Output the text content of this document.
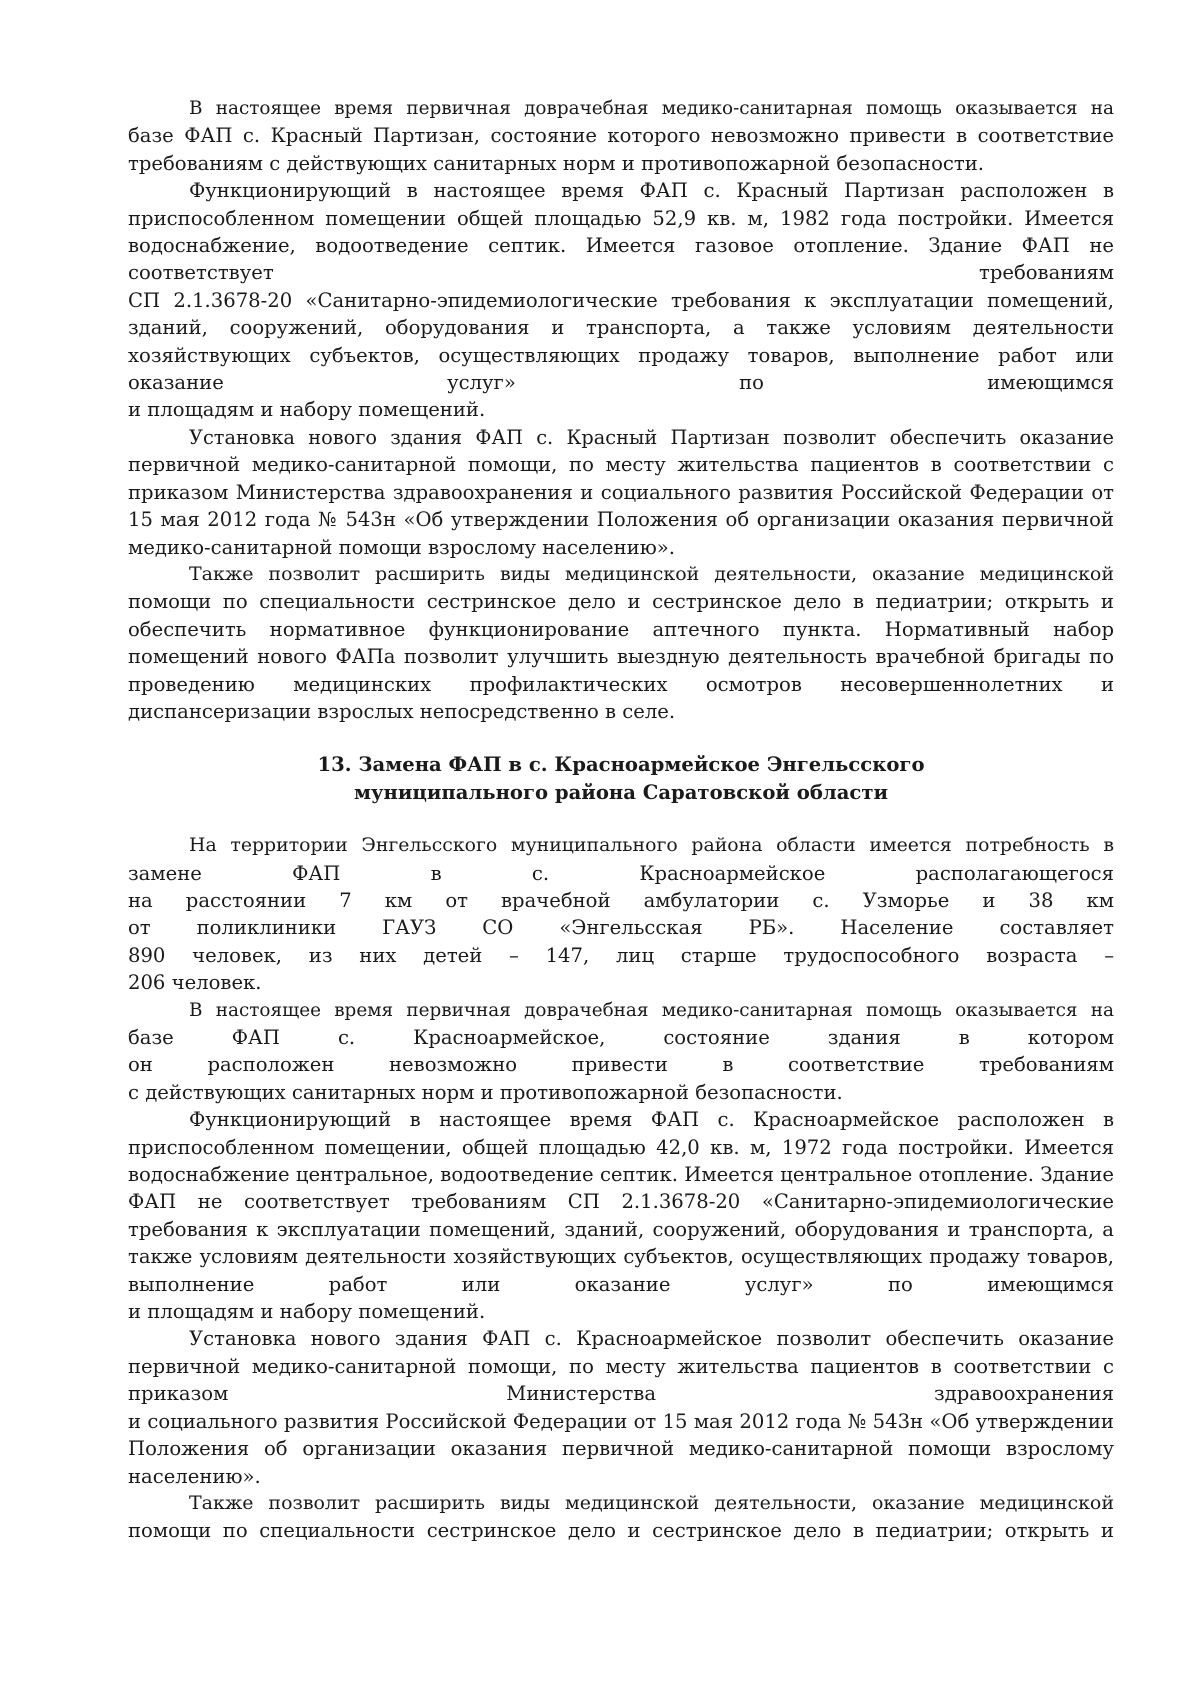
В настоящее время первичная доврачебная медико-санитарная помощь оказывается на
базе ФАП с. Красный Партизан, состояние которого невозможно привести в соответствие
требованиям с действующих санитарных норм и противопожарной безопасности.
Функционирующий в настоящее время ФАП с. Красный Партизан расположен в
приспособленном помещении общей площадью 52,9 кв. м, 1982 года постройки. Имеется
водоснабжение, водоотведение септик. Имеется газовое отопление. Здание ФАП не
соответствует требованиям
СП 2.1.3678-20 «Санитарно-эпидемиологические требования к эксплуатации помещений,
зданий, сооружений, оборудования и транспорта, а также условиям деятельности
хозяйствующих субъектов, осуществляющих продажу товаров, выполнение работ или
оказание услуг» по имеющимся
и площадям и набору помещений.
Установка нового здания ФАП с. Красный Партизан позволит обеспечить оказание
первичной медико-санитарной помощи, по месту жительства пациентов в соответствии с
приказом Министерства здравоохранения и социального развития Российской Федерации от
15 мая 2012 года № 543н «Об утверждении Положения об организации оказания первичной
медико-санитарной помощи взрослому населению».
Также позволит расширить виды медицинской деятельности, оказание медицинской
помощи по специальности сестринское дело и сестринское дело в педиатрии; открыть и
обеспечить нормативное функционирование аптечного пункта. Нормативный набор
помещений нового ФАПа позволит улучшить выездную деятельность врачебной бригады по
проведению медицинских профилактических осмотров несовершеннолетних и
диспансеризации взрослых непосредственно в селе.
13. Замена ФАП в с. Красноармейское Энгельсского
муниципального района Саратовской области
На территории Энгельсского муниципального района области имеется потребность в
замене ФАП в с. Красноармейское располагающегося
на расстоянии 7 км от врачебной амбулатории с. Узморье и 38 км
от поликлиники ГАУЗ СО «Энгельсская РБ». Население составляет
890 человек, из них детей – 147, лиц старше трудоспособного возраста –
206 человек.
В настоящее время первичная доврачебная медико-санитарная помощь оказывается на
базе ФАП с. Красноармейское, состояние здания в котором
он расположен невозможно привести в соответствие требованиям
с действующих санитарных норм и противопожарной безопасности.
Функционирующий в настоящее время ФАП с. Красноармейское расположен в
приспособленном помещении, общей площадью 42,0 кв. м, 1972 года постройки. Имеется
водоснабжение центральное, водоотведение септик. Имеется центральное отопление. Здание
ФАП не соответствует требованиям СП 2.1.3678-20 «Санитарно-эпидемиологические
требования к эксплуатации помещений, зданий, сооружений, оборудования и транспорта, а
также условиям деятельности хозяйствующих субъектов, осуществляющих продажу товаров,
выполнение работ или оказание услуг» по имеющимся
и площадям и набору помещений.
Установка нового здания ФАП с. Красноармейское позволит обеспечить оказание
первичной медико-санитарной помощи, по месту жительства пациентов в соответствии с
приказом Министерства здравоохранения
и социального развития Российской Федерации от 15 мая 2012 года № 543н «Об утверждении
Положения об организации оказания первичной медико-санитарной помощи взрослому
населению».
Также позволит расширить виды медицинской деятельности, оказание медицинской
помощи по специальности сестринское дело и сестринское дело в педиатрии; открыть и
